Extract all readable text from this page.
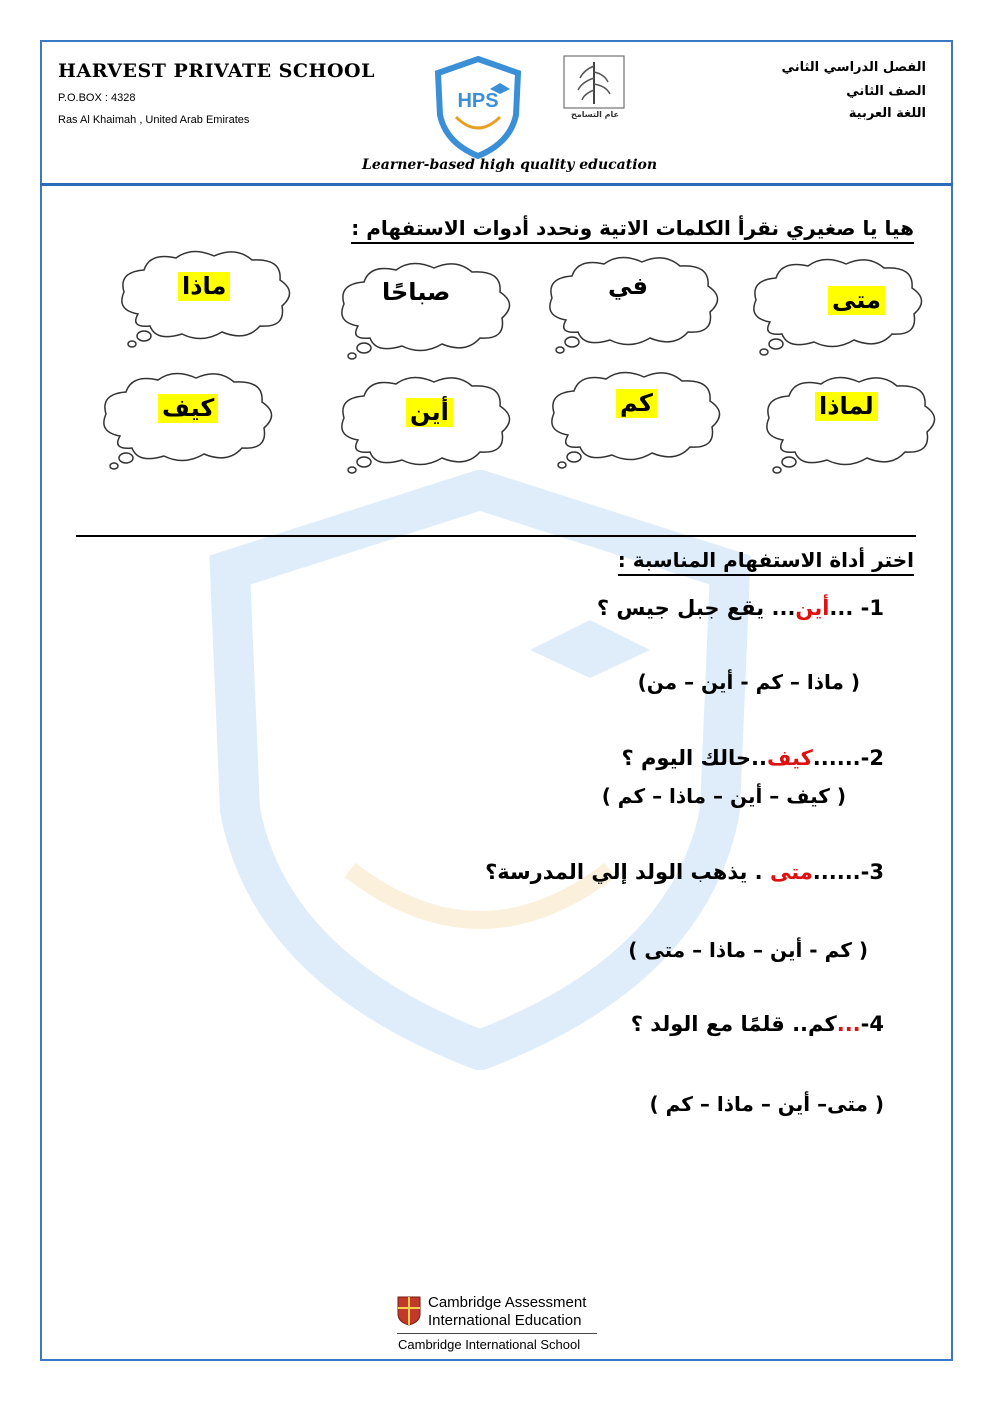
HARVEST PRIVATE SCHOOL
P.O.BOX : 4328
Ras Al Khaimah , United Arab Emirates
HPS
عام التسامح
الفصل الدراسي الثاني
الصف الثاني
اللغة العربية
Learner-based high quality education
هيا يا صغيري نقرأ الكلمات الاتية ونحدد أدوات الاستفهام :
متى
في
صباحًا
ماذا
لماذا
كم
أين
كيف
اختر أداة الاستفهام المناسبة :
1- ...أين... يقع جبل جيس ؟
( ماذا – كم - أين – من)
2-......كيف..حالك اليوم ؟
( كيف – أين – ماذا – كم )
3-......متى . يذهب الولد إلي المدرسة؟
( كم - أين – ماذا – متى )
4-...كم.. قلمًا مع الولد ؟
( متى– أين – ماذا – كم )
Cambridge Assessment
International Education
Cambridge International School
